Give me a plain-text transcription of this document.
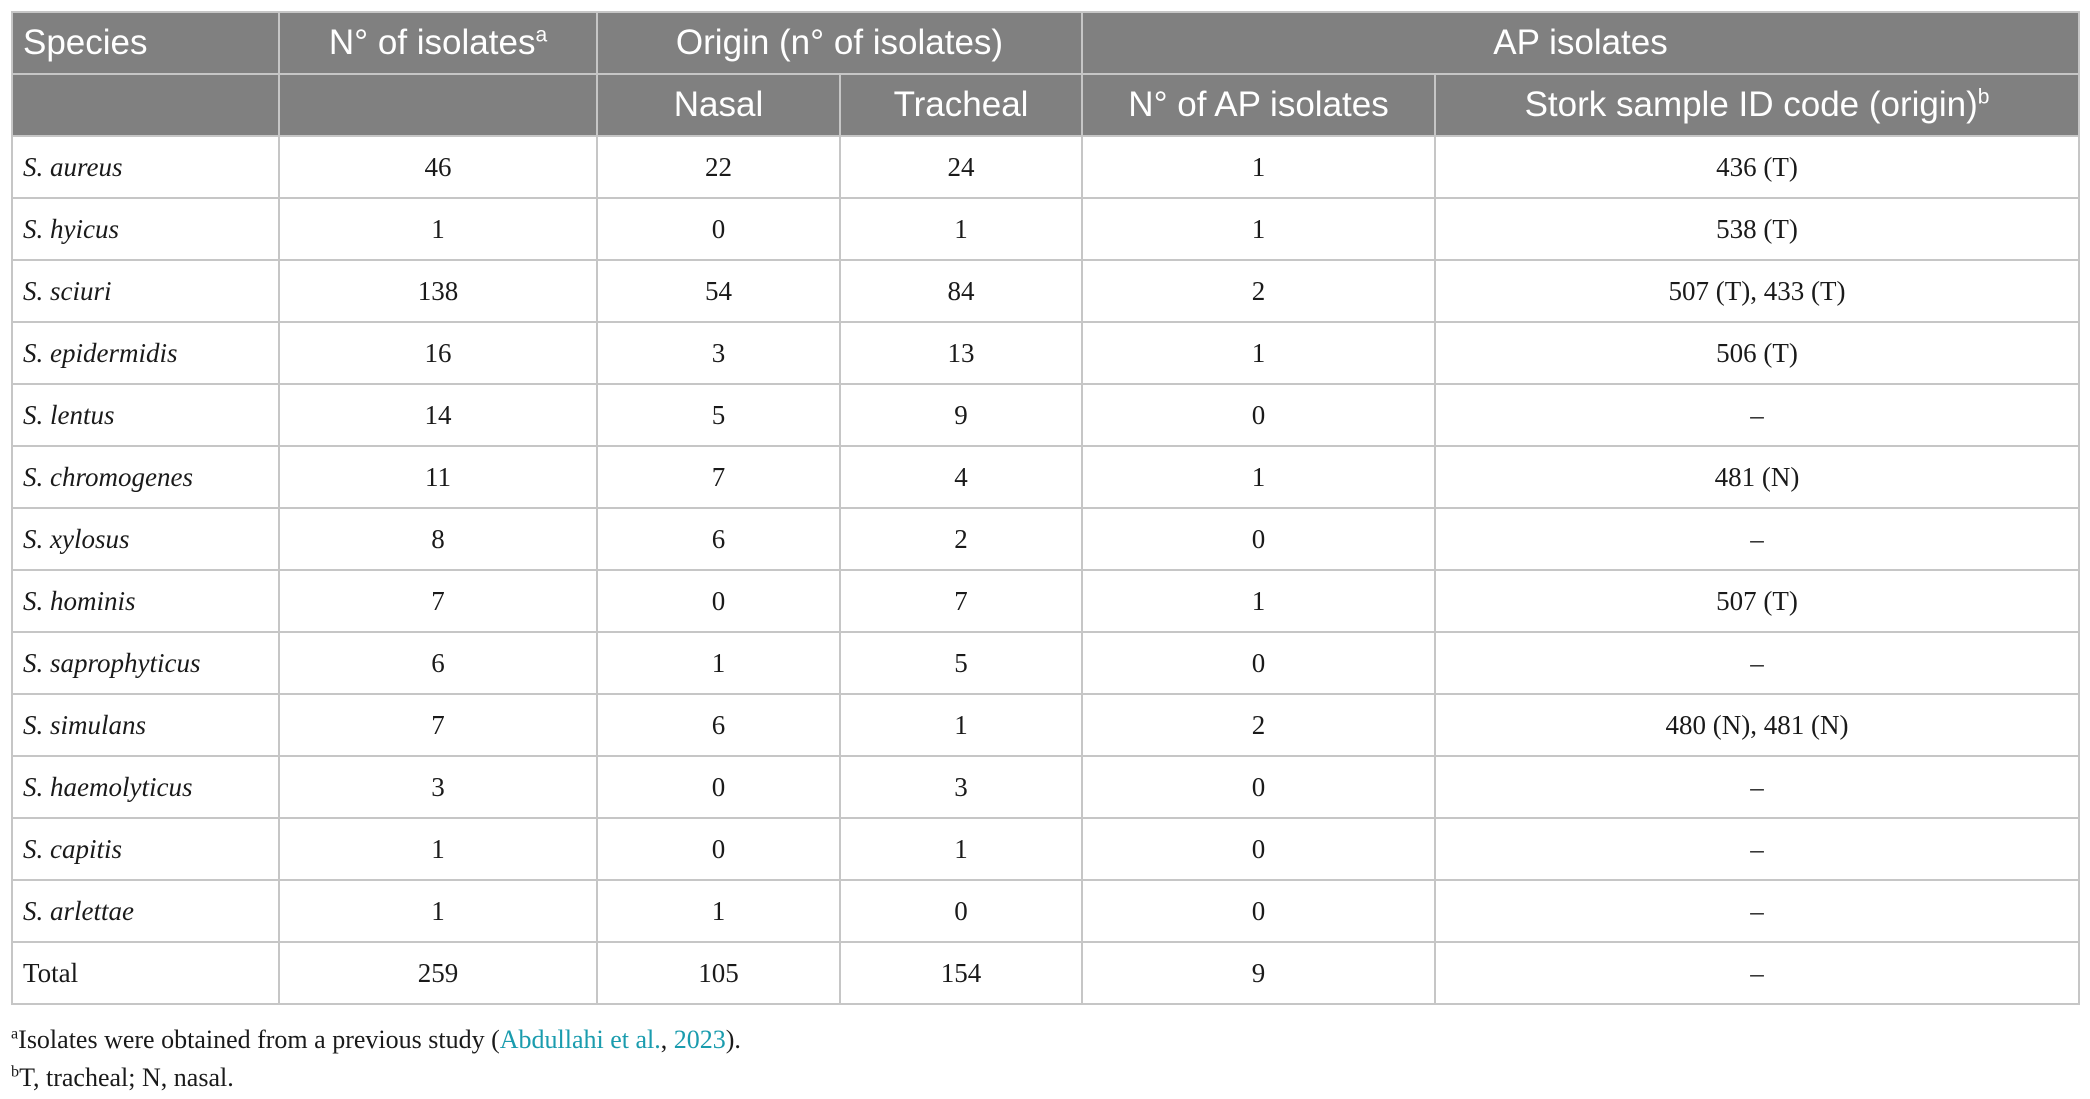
Species	N° of isolates$^a$	Origin (n° of isolates)		AP isolates	
		Nasal	Tracheal	N° of AP isolates	Stork sample ID code (origin)$^b$
S. aureus	46	22	24	1	436 (T)
S. hyicus	1	0	1	1	538 (T)
S. sciuri	138	54	84	2	507 (T), 433 (T)
S. epidermidis	16	3	13	1	506 (T)
S. lentus	14	5	9	0	–
S. chromogenes	11	7	4	1	481 (N)
S. xylosus	8	6	2	0	–
S. hominis	7	0	7	1	507 (T)
S. saprophyticus	6	1	5	0	–
S. simulans	7	6	1	2	480 (N), 481 (N)
S. haemolyticus	3	0	3	0	–
S. capitis	1	0	1	0	–
S. arlettae	1	1	0	0	–
Total	259	105	154	9	–
$^a$Isolates were obtained from a previous study (Abdullahi et al., 2023).
$^b$T, tracheal; N, nasal.
